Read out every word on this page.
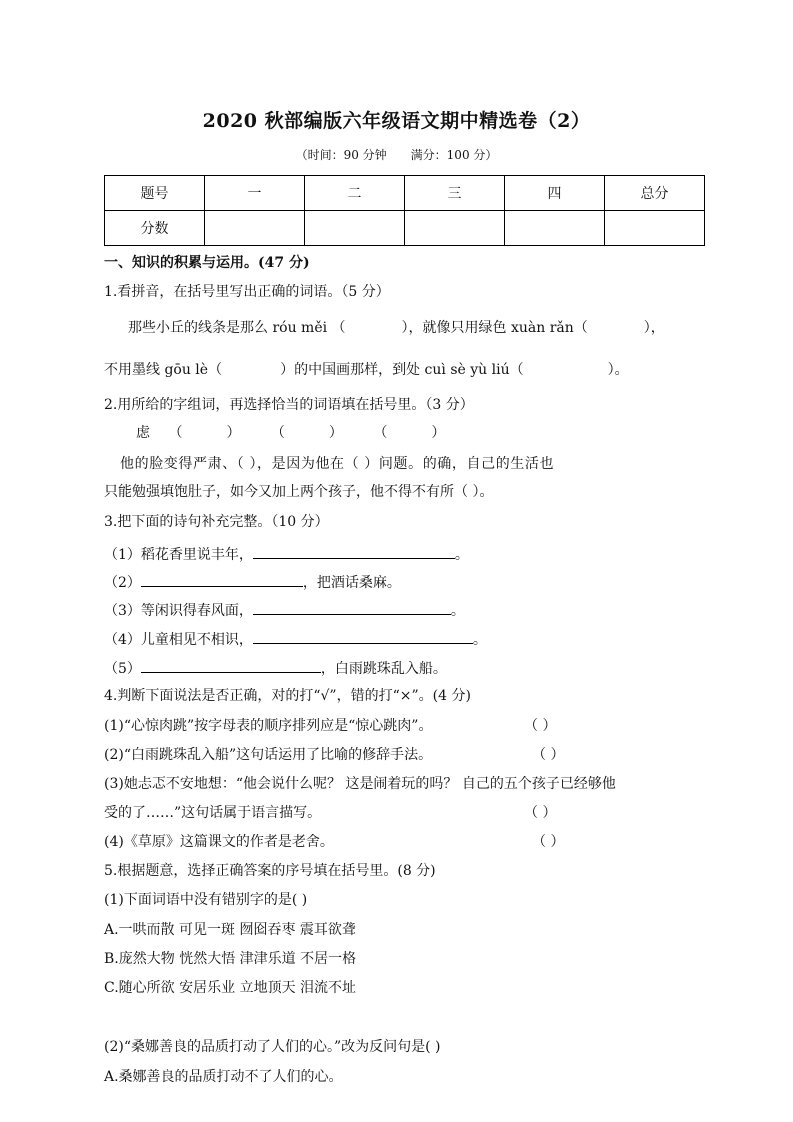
2020 秋部编版六年级语文期中精选卷（2）
（时间：90 分钟 满分：100 分）
题号	一	二	三	四	总分
分数					
一、知识的积累与运用。(47 分)
1.看拼音，在括号里写出正确的词语。（5 分）
那些小丘的线条是那么 róu měi （	），就像只用绿色 xuàn rǎn（	），
不用墨线 gōu lè（	）的中国画那样，到处 cuì sè yù liú（	）。
2.用所给的字组词，再选择恰当的词语填在括号里。（3 分）
虑 （	） （	） （	）
他的脸变得严肃、（ ），是因为他在（ ）问题。的确，自己的生活也
只能勉强填饱肚子，如今又加上两个孩子，他不得不有所（ ）。
3.把下面的诗句补充完整。（10 分）
（1）稻花香里说丰年，	。
（2）	，把酒话桑麻。
（3）等闲识得春风面，	。
（4）儿童相见不相识，	。
（5）	，白雨跳珠乱入船。
4.判断下面说法是否正确，对的打“√”，错的打“×”。(4 分)
(1)“心惊肉跳”按字母表的顺序排列应是“惊心跳肉”。	（ ）
(2)“白雨跳珠乱入船”这句话运用了比喻的修辞手法。	（ ）
(3)她忐忑不安地想：“他会说什么呢？ 这是闹着玩的吗？ 自己的五个孩子已经够他
受的了……”这句话属于语言描写。	（ ）
(4)《草原》这篇课文的作者是老舍。	（ ）
5.根据题意，选择正确答案的序号填在括号里。(8 分)
(1)下面词语中没有错别字的是( )
A.一哄而散 可见一斑 囫囵吞枣 震耳欲聋
B.庞然大物 恍然大悟 津津乐道 不居一格
C.随心所欲 安居乐业 立地顶天 泪流不址
(2)“桑娜善良的品质打动了人们的心。”改为反问句是( )
A.桑娜善良的品质打动不了人们的心。
